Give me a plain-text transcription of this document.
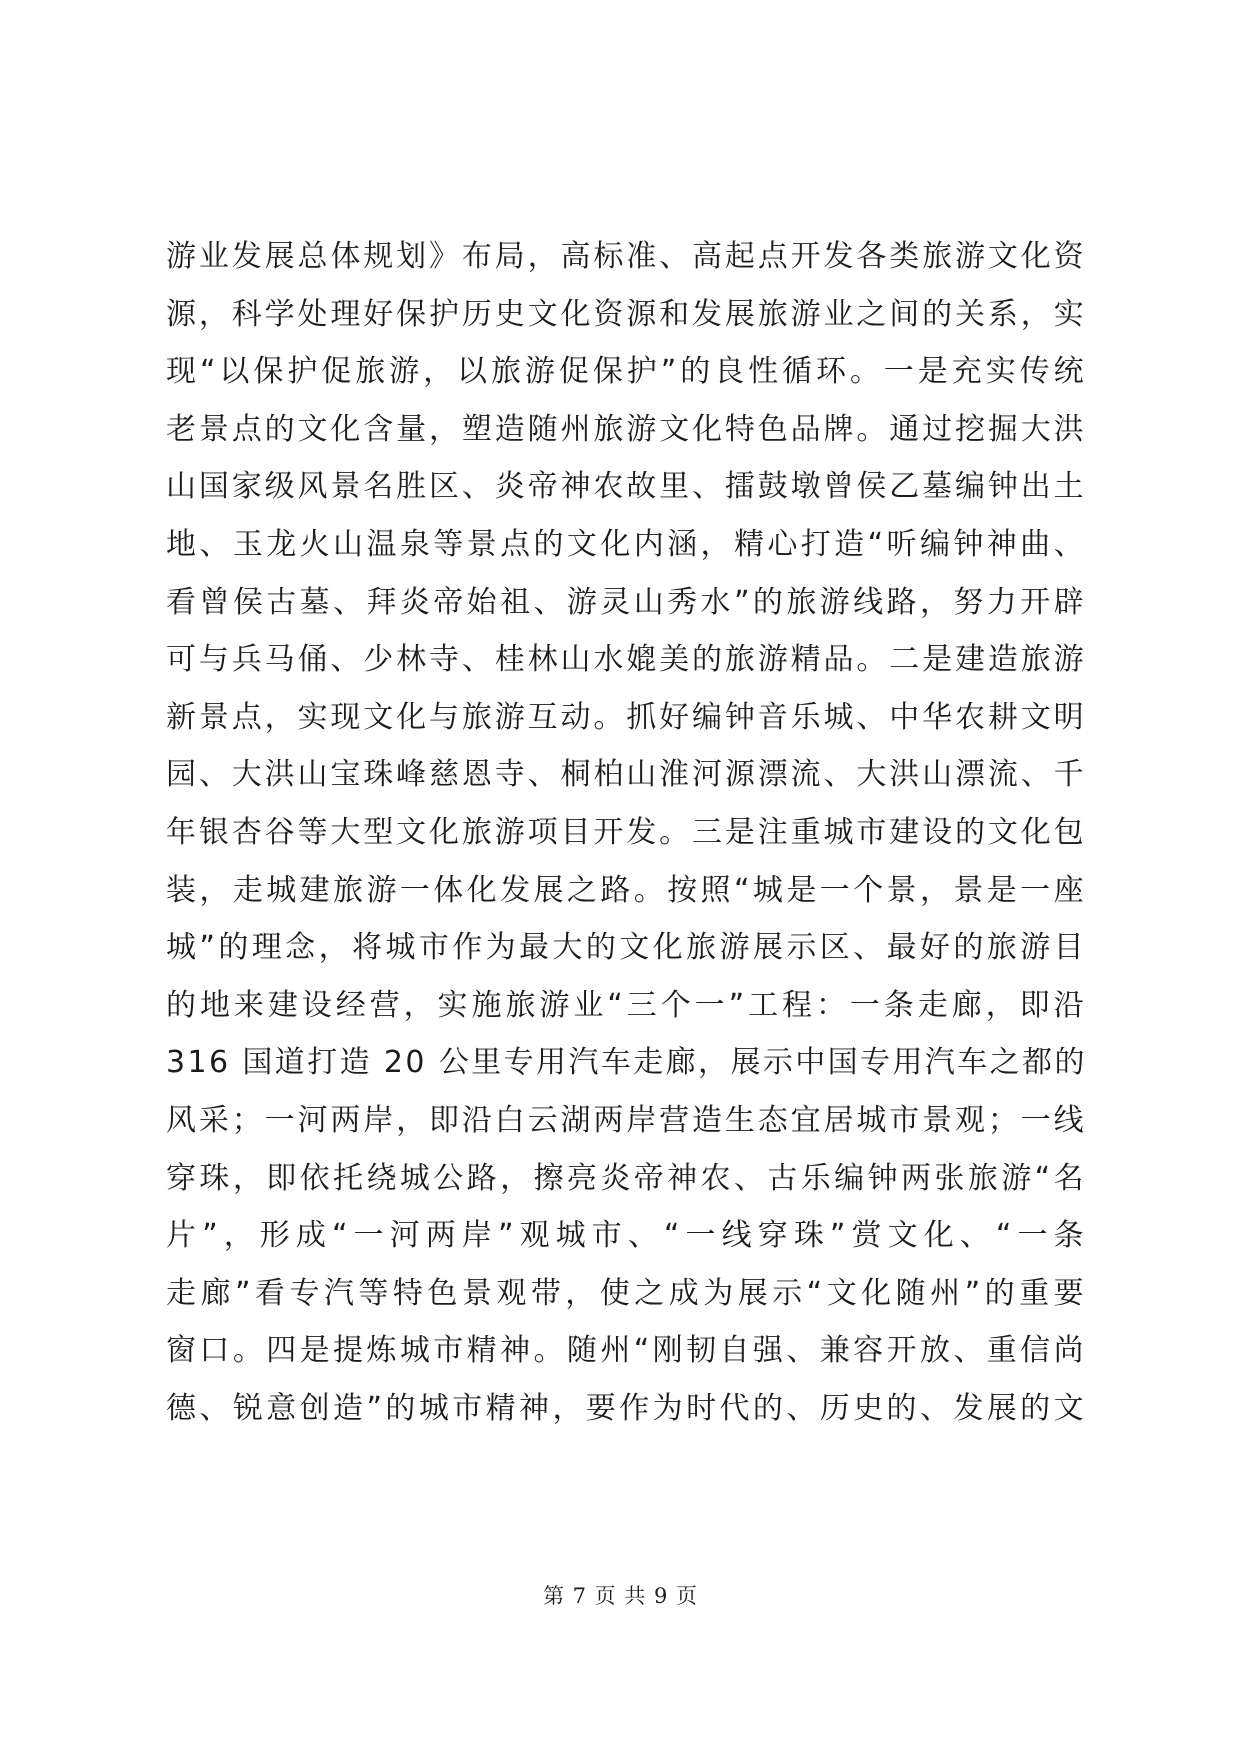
游业发展总体规划》布局，高标准、高起点开发各类旅游文化资
源，科学处理好保护历史文化资源和发展旅游业之间的关系，实
现“以保护促旅游，以旅游促保护”的良性循环。一是充实传统
老景点的文化含量，塑造随州旅游文化特色品牌。通过挖掘大洪
山国家级风景名胜区、炎帝神农故里、擂鼓墩曾侯乙墓编钟出土
地、玉龙火山温泉等景点的文化内涵，精心打造“听编钟神曲、
看曾侯古墓、拜炎帝始祖、游灵山秀水”的旅游线路，努力开辟
可与兵马俑、少林寺、桂林山水媲美的旅游精品。二是建造旅游
新景点，实现文化与旅游互动。抓好编钟音乐城、中华农耕文明
园、大洪山宝珠峰慈恩寺、桐柏山淮河源漂流、大洪山漂流、千
年银杏谷等大型文化旅游项目开发。三是注重城市建设的文化包
装，走城建旅游一体化发展之路。按照“城是一个景，景是一座
城”的理念，将城市作为最大的文化旅游展示区、最好的旅游目
的地来建设经营，实施旅游业“三个一”工程：一条走廊，即沿
316 国道打造 20 公里专用汽车走廊，展示中国专用汽车之都的
风采；一河两岸，即沿白云湖两岸营造生态宜居城市景观；一线
穿珠，即依托绕城公路，擦亮炎帝神农、古乐编钟两张旅游“名
片”，形成“一河两岸”观城市、“一线穿珠”赏文化、“一条
走廊”看专汽等特色景观带，使之成为展示“文化随州”的重要
窗口。四是提炼城市精神。随州“刚韧自强、兼容开放、重信尚
德、锐意创造”的城市精神，要作为时代的、历史的、发展的文
第 7 页 共 9 页
